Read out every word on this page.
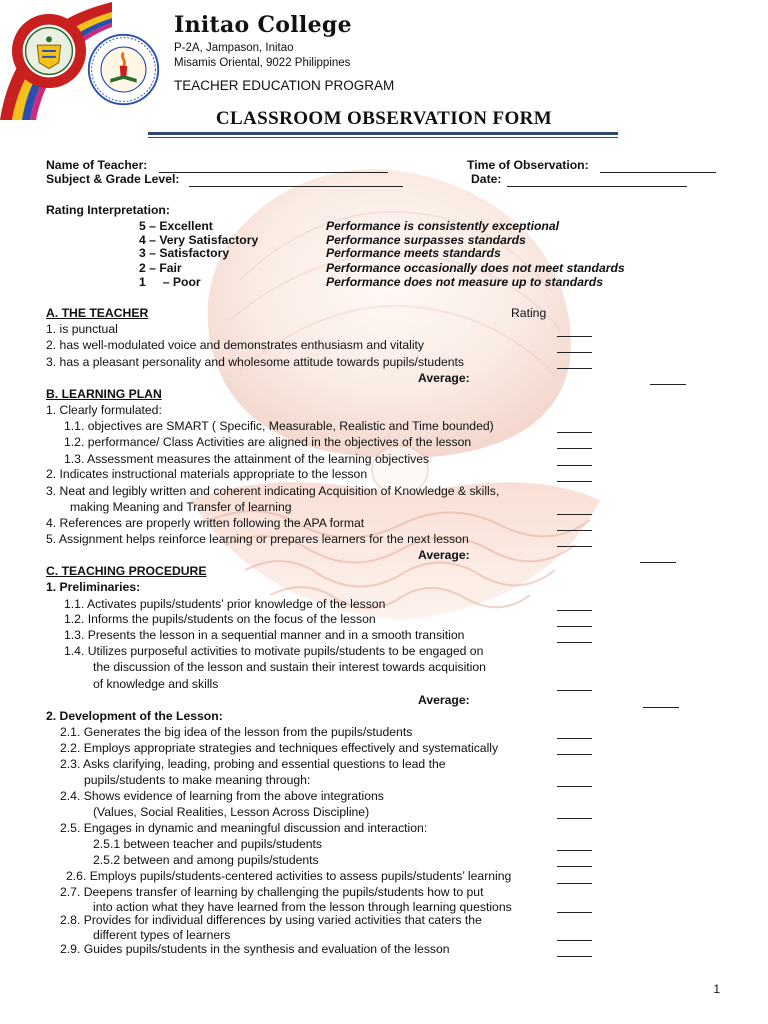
Initao College
P-2A, Jampason, Initao
Misamis Oriental, 9022 Philippines
TEACHER EDUCATION PROGRAM
CLASSROOM OBSERVATION FORM
Name of Teacher:	Time of Observation:
Subject & Grade Level:	Date:
Rating Interpretation:
5 – Excellent	Performance is consistently exceptional
4 – Very Satisfactory	Performance surpasses standards
3 – Satisfactory	Performance meets standards
2 – Fair	Performance occasionally does not meet standards
1     – Poor	Performance does not measure up to standards
A. THE TEACHER	Rating
1. is punctual
2. has well-modulated voice and demonstrates enthusiasm and vitality
3. has a pleasant personality and wholesome attitude towards pupils/students
Average:
B. LEARNING PLAN
1. Clearly formulated:
1.1. objectives are SMART ( Specific, Measurable, Realistic and Time bounded)
1.2. performance/ Class Activities are aligned in the objectives of the lesson
1.3. Assessment measures the attainment of the learning objectives
2. Indicates instructional materials appropriate to the lesson
3. Neat and legibly written and coherent indicating Acquisition of Knowledge & skills,
making Meaning and Transfer of learning
4. References are properly written following the APA format
5. Assignment helps reinforce learning or prepares learners for the next lesson
Average:
C. TEACHING PROCEDURE
1. Preliminaries:
1.1. Activates pupils/students’ prior knowledge of the lesson
1.2. Informs the pupils/students on the focus of the lesson
1.3. Presents the lesson in a sequential manner and in a smooth transition
1.4. Utilizes purposeful activities to motivate pupils/students to be engaged on
the discussion of the lesson and sustain their interest towards acquisition
of knowledge and skills
Average:
2. Development of the Lesson:
2.1. Generates the big idea of the lesson from the pupils/students
2.2. Employs appropriate strategies and techniques effectively and systematically
2.3. Asks clarifying, leading, probing and essential questions to lead the
pupils/students to make meaning through:
2.4. Shows evidence of learning from the above integrations
(Values, Social Realities, Lesson Across Discipline)
2.5. Engages in dynamic and meaningful discussion and interaction:
2.5.1 between teacher and pupils/students
2.5.2 between and among pupils/students
2.6. Employs pupils/students-centered activities to assess pupils/students’ learning
2.7. Deepens transfer of learning by challenging the pupils/students how to put
into action what they have learned from the lesson through learning questions
2.8. Provides for individual differences by using varied activities that caters the
different types of learners
2.9. Guides pupils/students in the synthesis and evaluation of the lesson
1
